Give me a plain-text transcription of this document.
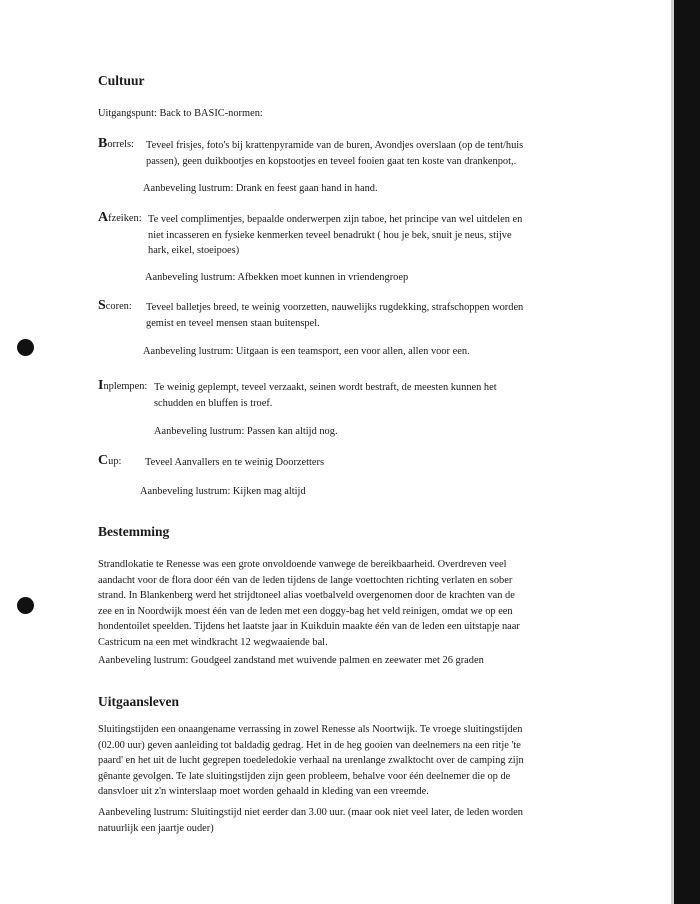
Cultuur
Uitgangspunt: Back to BASIC-normen:
Borrels: Teveel frisjes, foto's bij krattenpyramide van de buren, Avondjes overslaan (op de tent/huis
passen), geen duikbootjes en kopstootjes en teveel fooien gaat ten koste van drankenpot,.
Aanbeveling lustrum: Drank en feest gaan hand in hand.
Afzeiken: Te veel complimentjes, bepaalde onderwerpen zijn taboe, het principe van wel uitdelen en
niet incasseren en fysieke kenmerken teveel benadrukt ( hou je bek, snuit je neus, stijve
hark, eikel, stoeipoes)
Aanbeveling lustrum: Afbekken moet kunnen in vriendengroep
Scoren: Teveel balletjes breed, te weinig voorzetten, nauwelijks rugdekking, strafschoppen worden
gemist en teveel mensen staan buitenspel.
Aanbeveling lustrum: Uitgaan is een teamsport, een voor allen, allen voor een.
Inplempen: Te weinig geplempt, teveel verzaakt, seinen wordt bestraft, de meesten kunnen het
schudden en bluffen is troef.
Aanbeveling lustrum: Passen kan altijd nog.
Cup: Teveel Aanvallers en te weinig Doorzetters
Aanbeveling lustrum: Kijken mag altijd
Bestemming
Strandlokatie te Renesse was een grote onvoldoende vanwege de bereikbaarheid. Overdreven veel
aandacht voor de flora door één van de leden tijdens de lange voettochten richting verlaten en sober
strand. In Blankenberg werd het strijdtoneel alias voetbalveld overgenomen door de krachten van de
zee en in Noordwijk moest één van de leden met een doggy-bag het veld reinigen, omdat we op een
hondentoilet speelden. Tijdens het laatste jaar in Kuikduin maakte één van de leden een uitstapje naar
Castricum na een met windkracht 12 wegwaaiende bal.
Aanbeveling lustrum: Goudgeel zandstand met wuivende palmen en zeewater met 26 graden
Uitgaansleven
Sluitingstijden een onaangename verrassing in zowel Renesse als Noortwijk. Te vroege sluitingstijden
(02.00 uur) geven aanleiding tot baldadig gedrag. Het in de heg gooien van deelnemers na een ritje 'te
paard' en het uit de lucht gegrepen toedeledokie verhaal na urenlange zwalktocht over de camping zijn
gênante gevolgen. Te late sluitingstijden zijn geen probleem, behalve voor één deelnemer die op de
dansvloer uit z'n winterslaap moet worden gehaald in kleding van een vreemde.
Aanbeveling lustrum: Sluitingstijd niet eerder dan 3.00 uur. (maar ook niet veel later, de leden worden
natuurlijk een jaartje ouder)
